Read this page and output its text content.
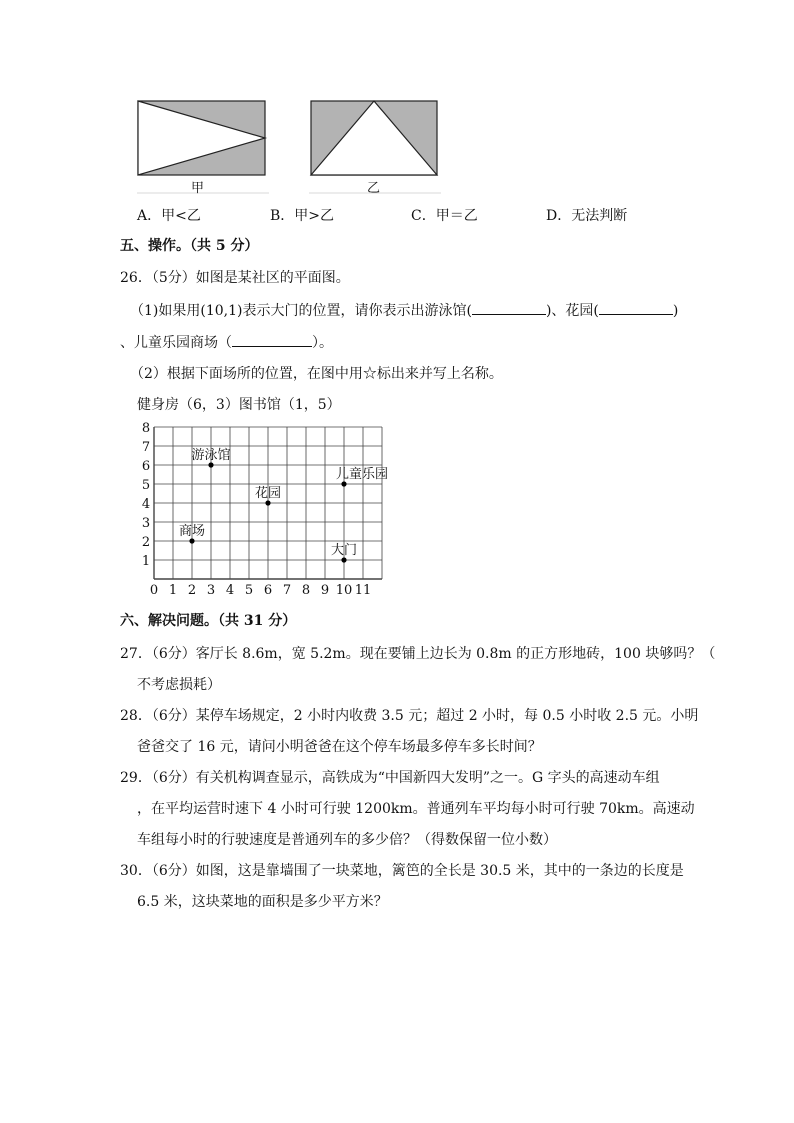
甲	乙
A．甲<乙	B．甲>乙	C．甲＝乙	D．无法判断
五、操作。（共 5 分）
26．（5分）如图是某社区的平面图。
（1)如果用(10,1)表示大门的位置，请你表示出游泳馆(	)、花园(	)
、儿童乐园商场（	）。
（2）根据下面场所的位置，在图中用☆标出来并写上名称。
健身房（6，3）图书馆（1，5）
0 1 2 3 4 5 6 7 8 9 10 11
1
2
3
4
5
6
7
8
游泳馆
儿童乐园
花园
商场
大门
六、解决问题。（共 31 分）
27．（6分）客厅长 8.6m，宽 5.2m。现在要铺上边长为 0.8m 的正方形地砖，100 块够吗？（
不考虑损耗）
28．（6分）某停车场规定，2 小时内收费 3.5 元；超过 2 小时，每 0.5 小时收 2.5 元。小明
爸爸交了 16 元，请问小明爸爸在这个停车场最多停车多长时间？
29．（6分）有关机构调查显示，高铁成为“中国新四大发明”之一。G 字头的高速动车组
，在平均运营时速下 4 小时可行驶 1200km。普通列车平均每小时可行驶 70km。高速动
车组每小时的行驶速度是普通列车的多少倍？（得数保留一位小数）
30．（6分）如图，这是靠墙围了一块菜地，篱笆的全长是 30.5 米，其中的一条边的长度是
6.5 米，这块菜地的面积是多少平方米？
